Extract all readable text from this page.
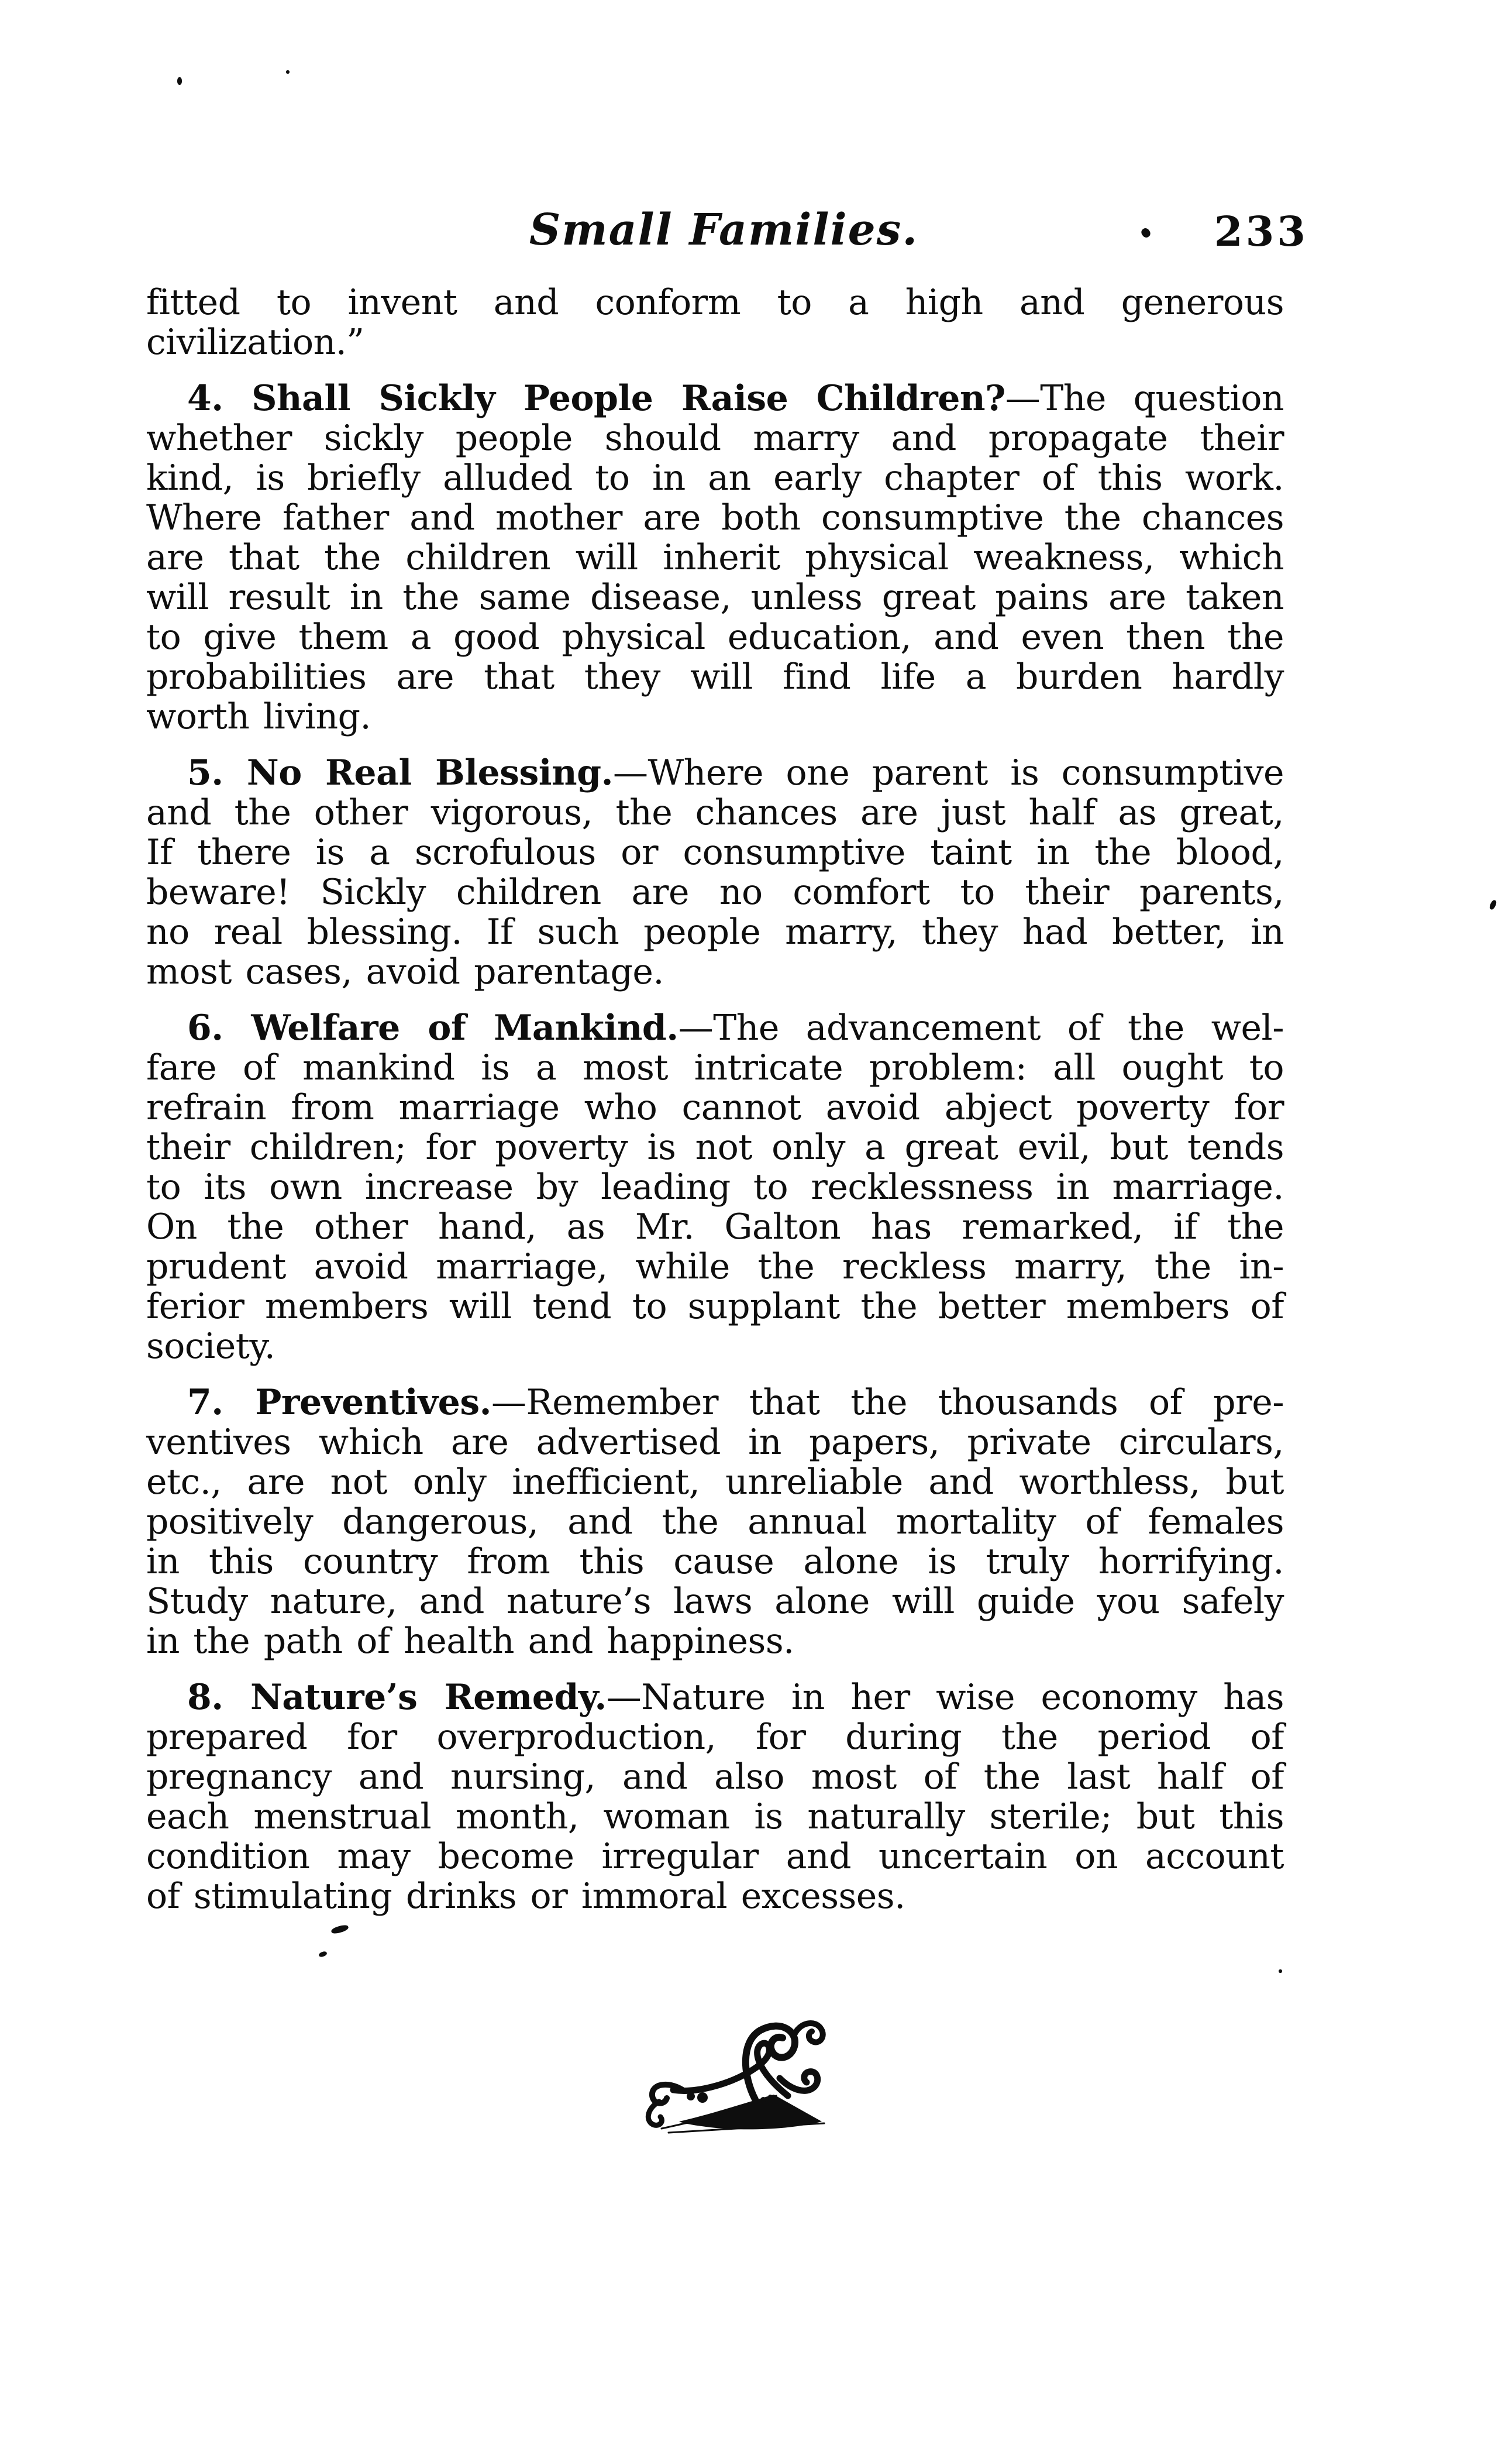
Small Families.	233
fitted to invent and conform to a high and generous
civilization.”
4. Shall Sickly People Raise Children?—The question
whether sickly people should marry and propagate their
kind, is briefly alluded to in an early chapter of this work.
Where father and mother are both consumptive the chances
are that the children will inherit physical weakness, which
will result in the same disease, unless great pains are taken
to give them a good physical education, and even then the
probabilities are that they will find life a burden hardly
worth living.
5. No Real Blessing.—Where one parent is consumptive
and the other vigorous, the chances are just half as great,
If there is a scrofulous or consumptive taint in the blood,
beware! Sickly children are no comfort to their parents,
no real blessing. If such people marry, they had better, in
most cases, avoid parentage.
6. Welfare of Mankind.—The advancement of the wel-
fare of mankind is a most intricate problem: all ought to
refrain from marriage who cannot avoid abject poverty for
their children; for poverty is not only a great evil, but tends
to its own increase by leading to recklessness in marriage.
On the other hand, as Mr. Galton has remarked, if the
prudent avoid marriage, while the reckless marry, the in-
ferior members will tend to supplant the better members of
society.
7. Preventives.—Remember that the thousands of pre-
ventives which are advertised in papers, private circulars,
etc., are not only inefficient, unreliable and worthless, but
positively dangerous, and the annual mortality of females
in this country from this cause alone is truly horrifying.
Study nature, and nature’s laws alone will guide you safely
in the path of health and happiness.
8. Nature’s Remedy.—Nature in her wise economy has
prepared for overproduction, for during the period of
pregnancy and nursing, and also most of the last half of
each menstrual month, woman is naturally sterile; but this
condition may become irregular and uncertain on account
of stimulating drinks or immoral excesses.
